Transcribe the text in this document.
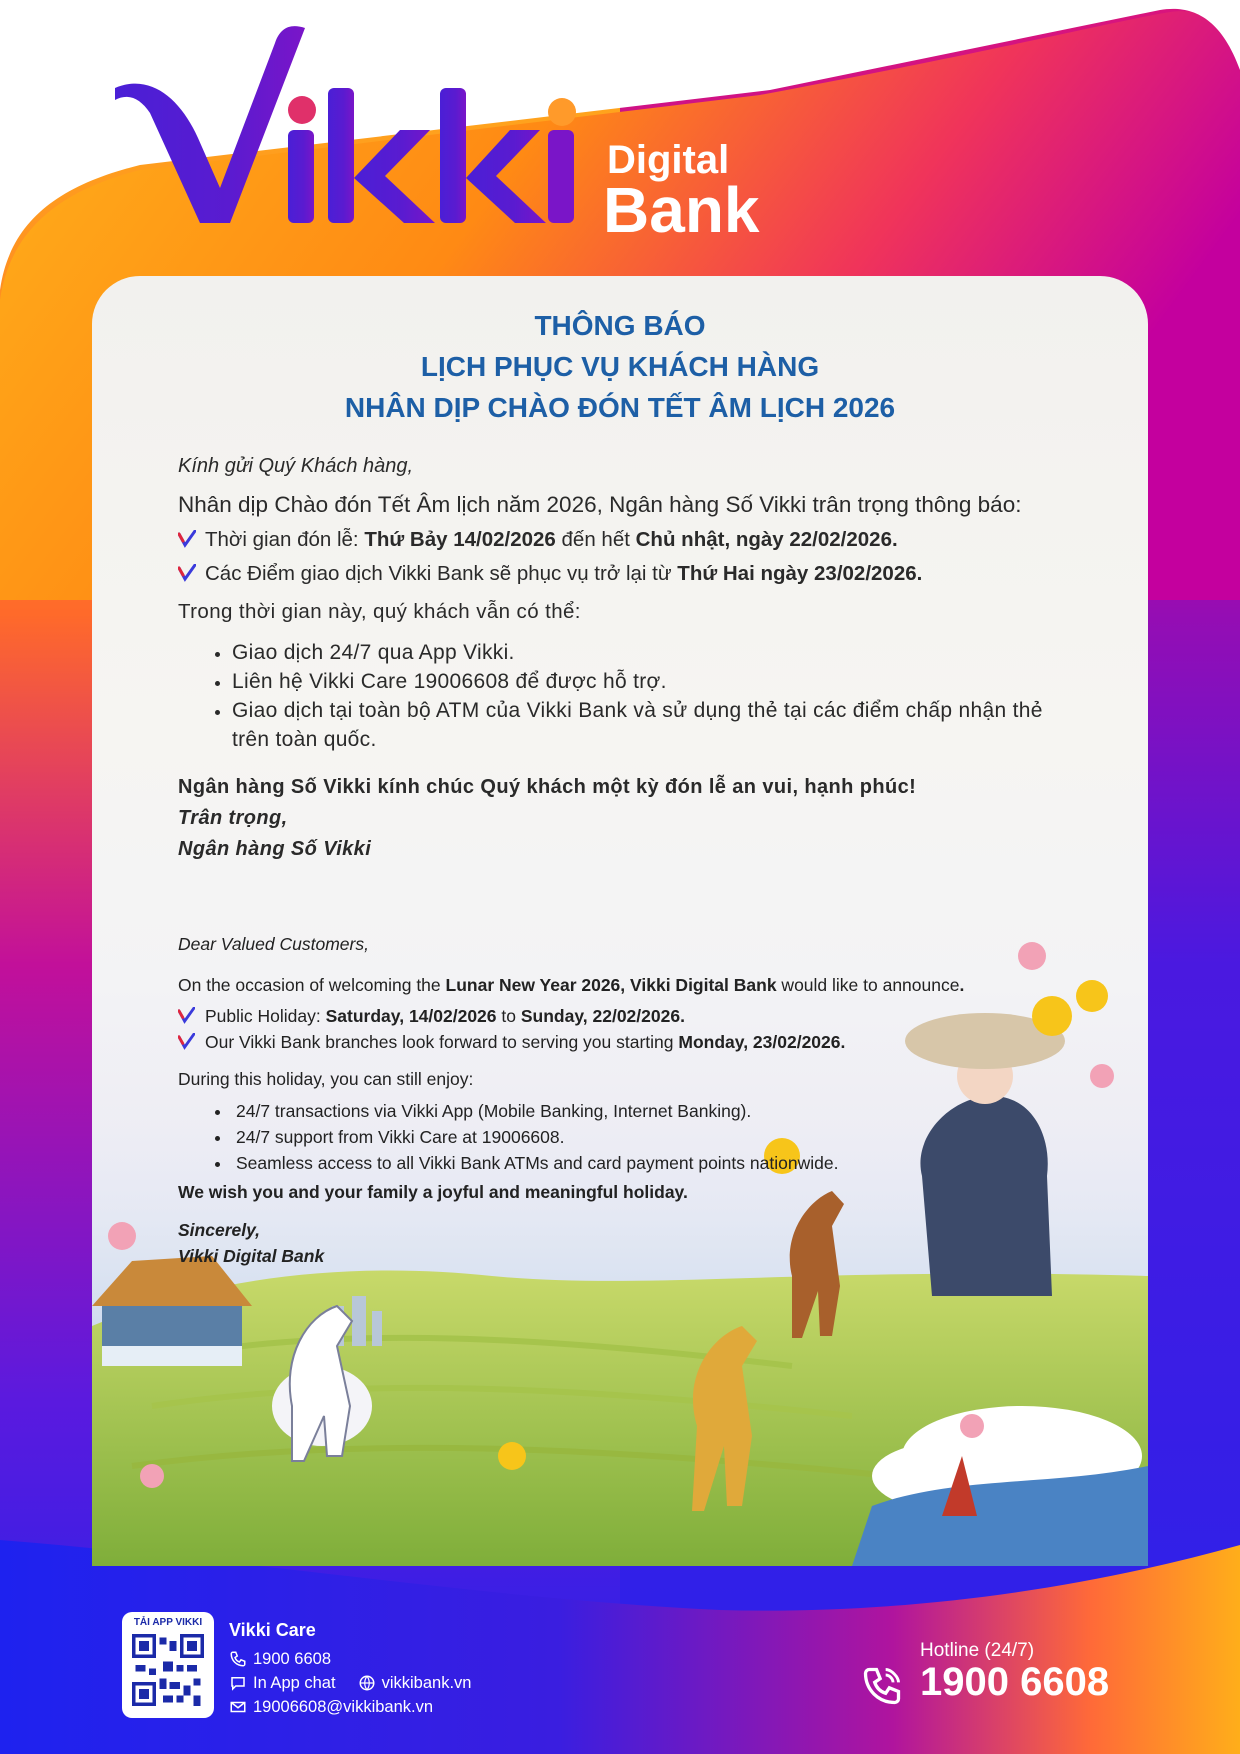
Digital
Bank
THÔNG BÁO
LỊCH PHỤC VỤ KHÁCH HÀNG
NHÂN DỊP CHÀO ĐÓN TẾT ÂM LỊCH 2026

Kính gửi Quý Khách hàng,

Nhân dịp Chào đón Tết Âm lịch năm 2026, Ngân hàng Số Vikki trân trọng thông báo:

Thời gian đón lễ: Thứ Bảy 14/02/2026 đến hết Chủ nhật, ngày 22/02/2026.
Các Điểm giao dịch Vikki Bank sẽ phục vụ trở lại từ Thứ Hai ngày 23/02/2026.

Trong thời gian này, quý khách vẫn có thể:

• Giao dịch 24/7 qua App Vikki.
• Liên hệ Vikki Care 19006608 để được hỗ trợ.
• Giao dịch tại toàn bộ ATM của Vikki Bank và sử dụng thẻ tại các điểm chấp nhận thẻ trên toàn quốc.

Ngân hàng Số Vikki kính chúc Quý khách một kỳ đón lễ an vui, hạnh phúc!

Trân trọng,

Ngân hàng Số Vikki

Dear Valued Customers,

On the occasion of welcoming the Lunar New Year 2026, Vikki Digital Bank would like to announce.

Public Holiday: Saturday, 14/02/2026 to Sunday, 22/02/2026.
Our Vikki Bank branches look forward to serving you starting Monday, 23/02/2026.

During this holiday, you can still enjoy:

• 24/7 transactions via Vikki App (Mobile Banking, Internet Banking).
• 24/7 support from Vikki Care at 19006608.
• Seamless access to all Vikki Bank ATMs and card payment points nationwide.

We wish you and your family a joyful and meaningful holiday.

Sincerely,

Vikki Digital Bank

TẢI APP VIKKI	Vikki Care
1900 6608
In App chat	vikkibank.vn
19006608@vikkibank.vn
Hotline (24/7)
1900 6608
